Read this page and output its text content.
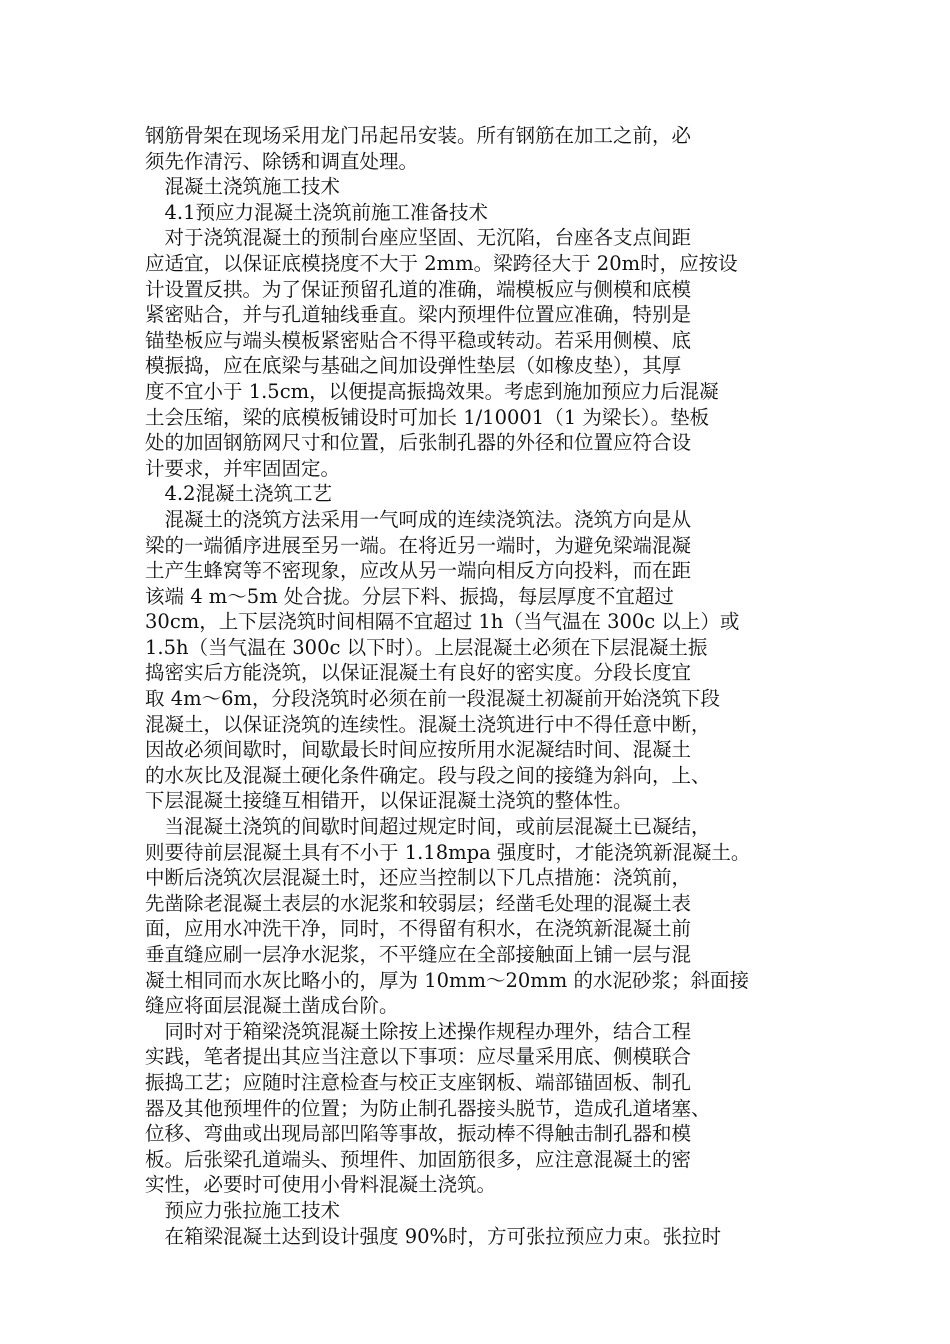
钢筋骨架在现场采用龙门吊起吊安装。所有钢筋在加工之前，必
须先作清污、除锈和调直处理。
　混凝土浇筑施工技术
　4.1预应力混凝土浇筑前施工准备技术
　对于浇筑混凝土的预制台座应坚固、无沉陷，台座各支点间距
应适宜，以保证底模挠度不大于 2mm。梁跨径大于 20m时，应按设
计设置反拱。为了保证预留孔道的准确，端模板应与侧模和底模
紧密贴合，并与孔道轴线垂直。梁内预埋件位置应准确，特别是
锚垫板应与端头模板紧密贴合不得平稳或转动。若采用侧模、底
模振捣，应在底梁与基础之间加设弹性垫层（如橡皮垫），其厚
度不宜小于 1.5cm，以便提高振捣效果。考虑到施加预应力后混凝
土会压缩，梁的底模板铺设时可加长 1/10001（1 为梁长）。垫板
处的加固钢筋网尺寸和位置，后张制孔器的外径和位置应符合设
计要求，并牢固固定。
　4.2混凝土浇筑工艺
　混凝土的浇筑方法采用一气呵成的连续浇筑法。浇筑方向是从
梁的一端循序进展至另一端。在将近另一端时，为避免梁端混凝
土产生蜂窝等不密现象，应改从另一端向相反方向投料，而在距
该端 4 m～5m 处合拢。分层下料、振捣，每层厚度不宜超过
30cm，上下层浇筑时间相隔不宜超过 1h（当气温在 300c 以上）或
1.5h（当气温在 300c 以下时）。上层混凝土必须在下层混凝土振
捣密实后方能浇筑，以保证混凝土有良好的密实度。分段长度宜
取 4m～6m，分段浇筑时必须在前一段混凝土初凝前开始浇筑下段
混凝土，以保证浇筑的连续性。混凝土浇筑进行中不得任意中断，
因故必须间歇时，间歇最长时间应按所用水泥凝结时间、混凝土
的水灰比及混凝土硬化条件确定。段与段之间的接缝为斜向，上、
下层混凝土接缝互相错开，以保证混凝土浇筑的整体性。
　当混凝土浇筑的间歇时间超过规定时间，或前层混凝土已凝结，
则要待前层混凝土具有不小于 1.18mpa 强度时，才能浇筑新混凝土。
中断后浇筑次层混凝土时，还应当控制以下几点措施：浇筑前，
先凿除老混凝土表层的水泥浆和较弱层；经凿毛处理的混凝土表
面，应用水冲洗干净，同时，不得留有积水，在浇筑新混凝土前
垂直缝应刷一层净水泥浆，不平缝应在全部接触面上铺一层与混
凝土相同而水灰比略小的，厚为 10mm～20mm 的水泥砂浆；斜面接
缝应将面层混凝土凿成台阶。
　同时对于箱梁浇筑混凝土除按上述操作规程办理外，结合工程
实践，笔者提出其应当注意以下事项：应尽量采用底、侧模联合
振捣工艺；应随时注意检查与校正支座钢板、端部锚固板、制孔
器及其他预埋件的位置；为防止制孔器接头脱节，造成孔道堵塞、
位移、弯曲或出现局部凹陷等事故，振动棒不得触击制孔器和模
板。后张梁孔道端头、预埋件、加固筋很多，应注意混凝土的密
实性，必要时可使用小骨料混凝土浇筑。
　预应力张拉施工技术
　在箱梁混凝土达到设计强度 90%时，方可张拉预应力束。张拉时
